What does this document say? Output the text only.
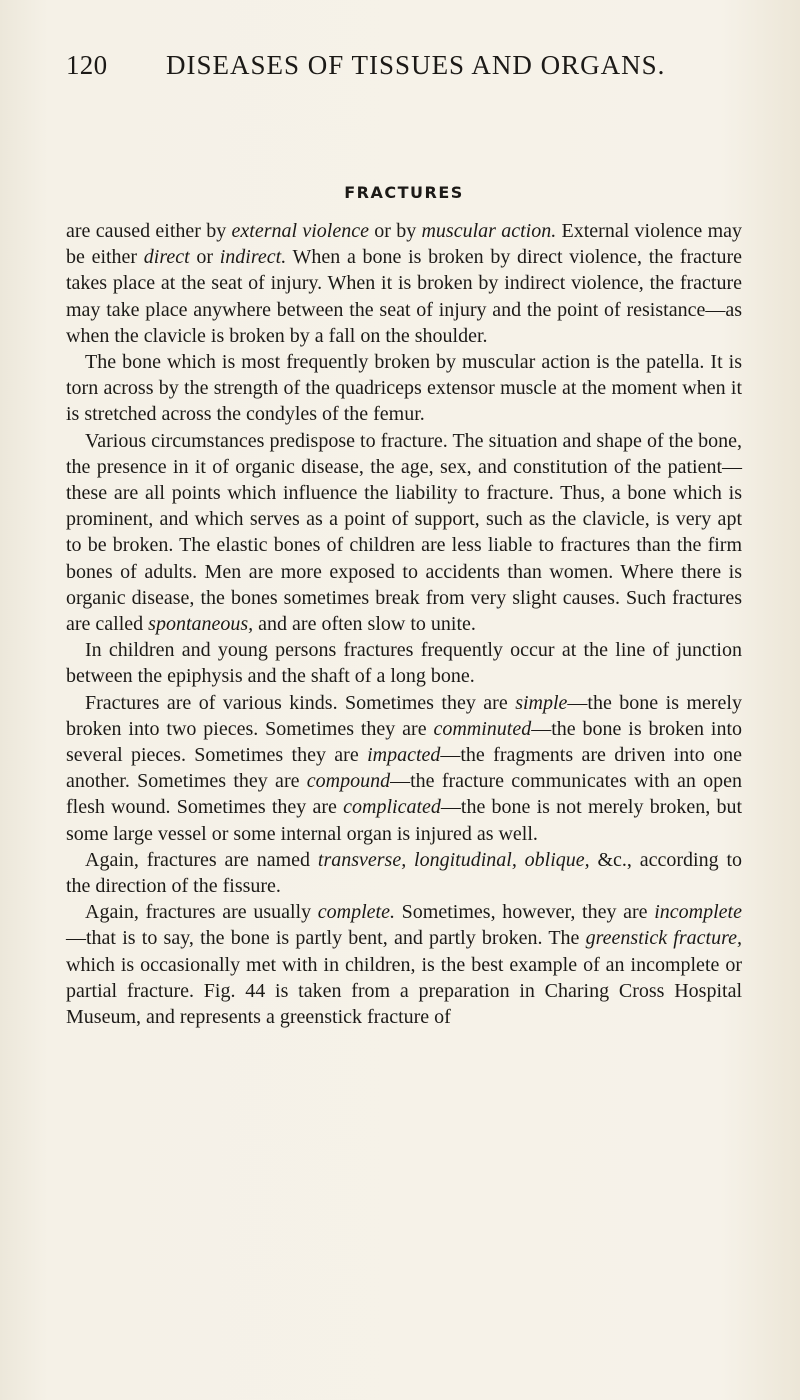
120	DISEASES OF TISSUES AND ORGANS.
FRACTURES

are caused either by external violence or by muscular action. External violence may be either direct or indirect. When a bone is broken by direct violence, the fracture takes place at the seat of injury. When it is broken by indirect violence, the fracture may take place anywhere between the seat of injury and the point of resistance—as when the clavicle is broken by a fall on the shoulder.

The bone which is most frequently broken by muscular action is the patella. It is torn across by the strength of the quadriceps extensor muscle at the moment when it is stretched across the condyles of the femur.

Various circumstances predispose to fracture. The situation and shape of the bone, the presence in it of organic disease, the age, sex, and constitution of the patient—these are all points which influence the liability to fracture. Thus, a bone which is prominent, and which serves as a point of support, such as the clavicle, is very apt to be broken. The elastic bones of children are less liable to fractures than the firm bones of adults. Men are more exposed to accidents than women. Where there is organic disease, the bones sometimes break from very slight causes. Such fractures are called spontaneous, and are often slow to unite.

In children and young persons fractures frequently occur at the line of junction between the epiphysis and the shaft of a long bone.

Fractures are of various kinds. Sometimes they are simple—the bone is merely broken into two pieces. Sometimes they are comminuted—the bone is broken into several pieces. Sometimes they are impacted—the fragments are driven into one another. Sometimes they are compound—the fracture communicates with an open flesh wound. Sometimes they are complicated—the bone is not merely broken, but some large vessel or some internal organ is injured as well.

Again, fractures are named transverse, longitudinal, oblique, &c., according to the direction of the fissure.

Again, fractures are usually complete. Sometimes, however, they are incomplete—that is to say, the bone is partly bent, and partly broken. The greenstick fracture, which is occasionally met with in children, is the best example of an incomplete or partial fracture. Fig. 44 is taken from a preparation in Charing Cross Hospital Museum, and represents a greenstick fracture of
